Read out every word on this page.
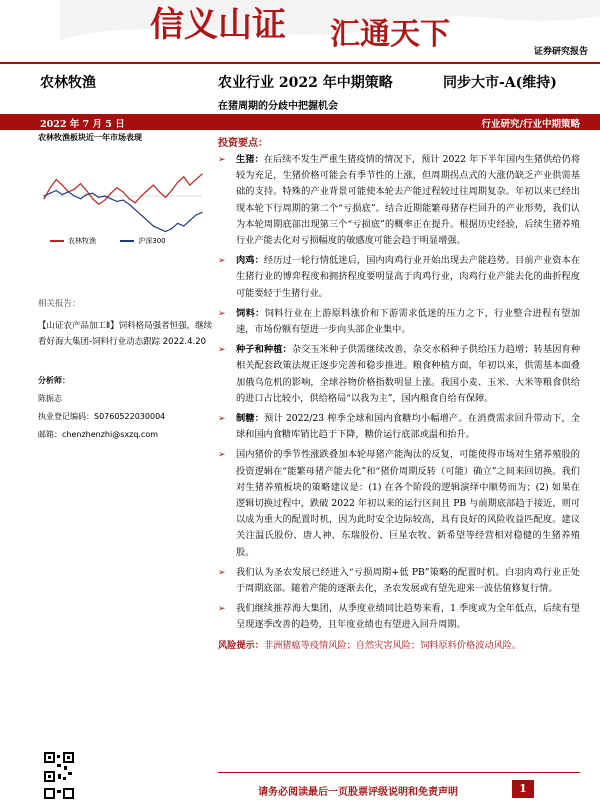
信义山证 汇通天下	证券研究报告
农林牧渔	农业行业 2022 年中期策略	同步大市-A(维持)
在猪周期的分歧中把握机会
2022 年 7 月 5 日	行业研究/行业中期策略
农林牧渔板块近一年市场表现
农林牧渔
	沪深300
相关报告：
【山证农产品加工Ⅱ】饲料格局强者恒强，继续看好海大集团-饲料行业动态跟踪 2022.4.20
分析师：
陈振志
执业登记编码：S0760522030004
邮箱：chenzhenzhi@sxzq.com
投资要点：
➢ 生猪：在后续不发生严重生猪疫情的情况下，预计 2022 年下半年国内生猪供给仍将较为充足，生猪价格可能会有季节性的上涨，但周期拐点式的大涨仍缺乏产业供需基础的支持。特殊的产业背景可能使本轮去产能过程较过往周期复杂。年初以来已经出现本轮下行周期的第二个“亏损底”。结合近期能繁母猪存栏回升的产业形势，我们认为本轮周期底部出现第三个“亏损底”的概率正在提升。根据历史经验，后续生猪养殖行业产能去化对亏损幅度的敏感度可能会趋于明显增强。
➢ 肉鸡：经历过一轮行情低迷后，国内肉鸡行业开始出现去产能趋势。目前产业资本在生猪行业的博弈程度和拥挤程度要明显高于肉鸡行业，肉鸡行业产能去化的曲折程度可能要轻于生猪行业。
➢ 饲料：饲料行业在上游原料涨价和下游需求低迷的压力之下，行业整合进程有望加速，市场份额有望进一步向头部企业集中。
➢ 种子和种植：杂交玉米种子供需继续改善，杂交水稻种子供给压力趋增；转基因育种相关配套政策法规正逐步完善和稳步推进。粮食种植方面，年初以来，供需基本面叠加俄乌危机的影响，全球谷物价格指数明显上涨。我国小麦、玉米、大米等粮食供给的进口占比较小，供给格局“以我为主”，国内粮食自给有保障。
➢ 制糖：预计 2022/23 榨季全球和国内食糖均小幅增产。在消费需求回升带动下，全球和国内食糖库销比趋于下降，糖价运行底部或温和抬升。
➢ 国内猪价的季节性涨跌叠加本轮母猪产能淘汰的反复，可能使得市场对生猪养殖股的投资逻辑在“能繁母猪产能去化”和“猪价周期反转（可能）确立”之间来回切换。我们对生猪养殖板块的策略建议是：(1) 在各个阶段的逻辑演绎中顺势而为；(2) 如果在逻辑切换过程中，跌破 2022 年初以来的运行区间且 PB 与前期底部趋于接近，则可以成为重大的配置时机，因为此时安全边际较高，具有良好的风险收益匹配度。建议关注温氏股份、唐人神、东瑞股份、巨星农牧、新希望等经营相对稳健的生猪养殖股。
➢ 我们认为圣农发展已经进入“亏损周期+低 PB”策略的配置时机。白羽肉鸡行业正处于周期底部。随着产能的逐渐去化，圣农发展或有望先迎来一波估值修复行情。
➢ 我们继续推荐海大集团，从季度业绩同比趋势来看，1 季度或为全年低点，后续有望呈现逐季改善的趋势，且年度业绩也有望进入回升周期。
风险提示：非洲猪瘟等疫情风险；自然灾害风险；饲料原料价格波动风险。
请务必阅读最后一页股票评级说明和免责声明	1
